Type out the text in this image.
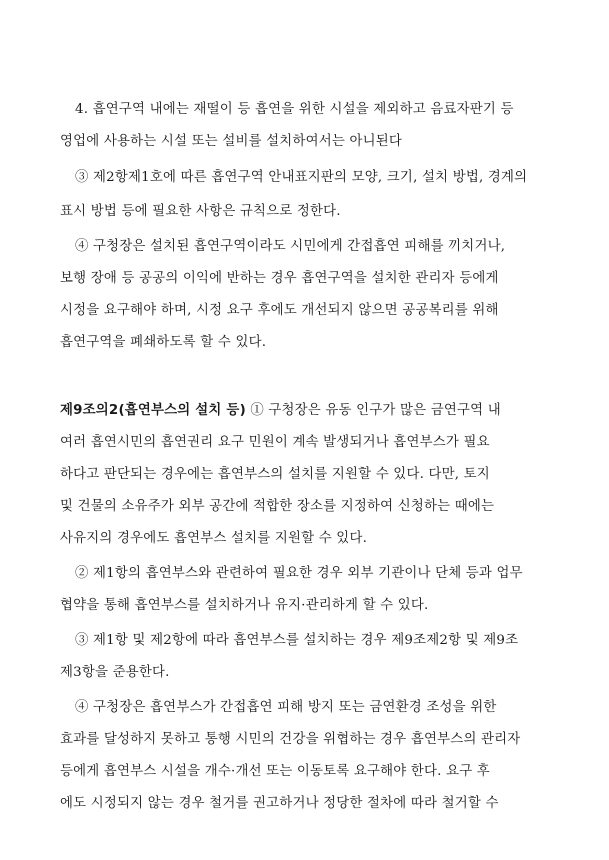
4. 흡연구역 내에는 재떨이 등 흡연을 위한 시설을 제외하고 음료자판기 등
영업에 사용하는 시설 또는 설비를 설치하여서는 아니된다
③ 제2항제1호에 따른 흡연구역 안내표지판의 모양, 크기, 설치 방법, 경계의
표시 방법 등에 필요한 사항은 규칙으로 정한다.
④ 구청장은 설치된 흡연구역이라도 시민에게 간접흡연 피해를 끼치거나,
보행 장애 등 공공의 이익에 반하는 경우 흡연구역을 설치한 관리자 등에게
시정을 요구해야 하며, 시정 요구 후에도 개선되지 않으면 공공복리를 위해
흡연구역을 폐쇄하도록 할 수 있다.
제9조의2(흡연부스의 설치 등) ① 구청장은 유동 인구가 많은 금연구역 내
여러 흡연시민의 흡연권리 요구 민원이 계속 발생되거나 흡연부스가 필요
하다고 판단되는 경우에는 흡연부스의 설치를 지원할 수 있다. 다만, 토지
및 건물의 소유주가 외부 공간에 적합한 장소를 지정하여 신청하는 때에는
사유지의 경우에도 흡연부스 설치를 지원할 수 있다.
② 제1항의 흡연부스와 관련하여 필요한 경우 외부 기관이나 단체 등과 업무
협약을 통해 흡연부스를 설치하거나 유지·관리하게 할 수 있다.
③ 제1항 및 제2항에 따라 흡연부스를 설치하는 경우 제9조제2항 및 제9조
제3항을 준용한다.
④ 구청장은 흡연부스가 간접흡연 피해 방지 또는 금연환경 조성을 위한
효과를 달성하지 못하고 통행 시민의 건강을 위협하는 경우 흡연부스의 관리자
등에게 흡연부스 시설을 개수·개선 또는 이동토록 요구해야 한다. 요구 후
에도 시정되지 않는 경우 철거를 권고하거나 정당한 절차에 따라 철거할 수
